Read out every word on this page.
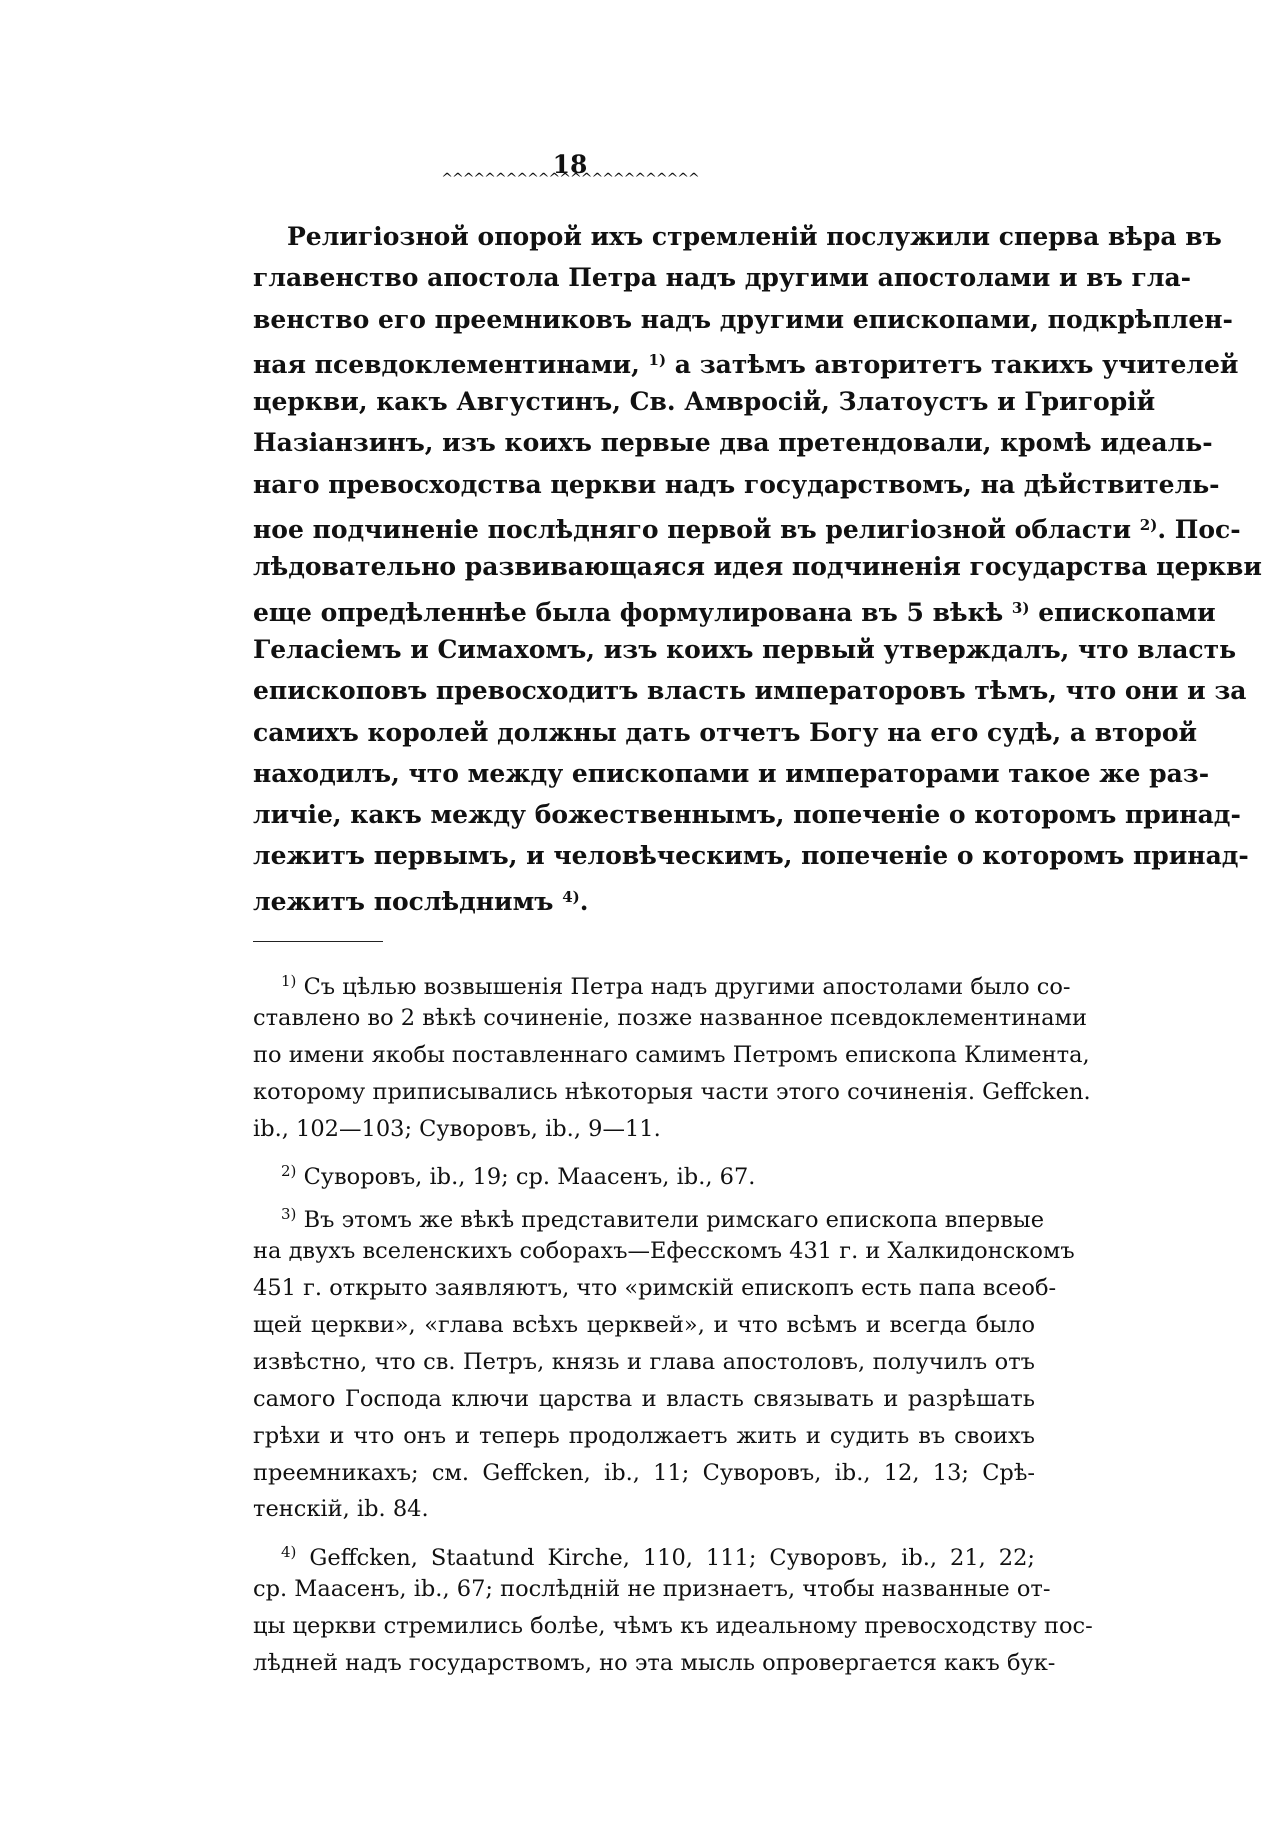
18
^^^^^^^^^^^^^^^^^^^^^^^^
Религiозной опорой ихъ стремленiй послужили сперва вѣра въ
главенство апостола Петра надъ другими апостолами и въ гла-
венство его преемниковъ надъ другими епископами, подкрѣплен-
ная псевдоклементинами, $^{1)}$ а затѣмъ авторитетъ такихъ учителей
церкви, какъ Августинъ, Св. Амвросiй, Златоустъ и Григорiй
Назiанзинъ, изъ коихъ первые два претендовали, кромѣ идеаль-
наго превосходства церкви надъ государствомъ, на дѣйствитель-
ное подчиненiе послѣдняго первой въ религiозной области $^{2)}$. Пос-
лѣдовательно развивающаяся идея подчиненiя государства церкви
еще опредѣленнѣе была формулирована въ 5 вѣкѣ $^{3)}$ епископами
Геласiемъ и Симахомъ, изъ коихъ первый утверждалъ, что власть
епископовъ превосходитъ власть императоровъ тѣмъ, что они и за
самихъ королей должны дать отчетъ Богу на его судѣ, а второй
находилъ, что между епископами и императорами такое же раз-
личiе, какъ между божественнымъ, попеченiе о которомъ принад-
лежитъ первымъ, и человѣческимъ, попеченiе о которомъ принад-
лежитъ послѣднимъ $^{4)}$.
$^{1)}$ Съ цѣлью возвышенiя Петра надъ другими апостолами было со-
ставлено во 2 вѣкѣ сочиненiе, позже названное псевдоклементинами
по имени якобы поставленнаго самимъ Петромъ епископа Климента,
которому приписывались нѣкоторыя части этого сочиненiя. Geffcken.
ib., 102—103; Суворовъ, ib., 9—11.
$^{2)}$ Суворовъ, ib., 19; ср. Маасенъ, ib., 67.
$^{3)}$ Въ этомъ же вѣкѣ представители римскаго епископа впервые
на двухъ вселенскихъ соборахъ—Ефесскомъ 431 г. и Халкидонскомъ
451 г. открыто заявляютъ, что «римскiй епископъ есть папа всеоб-
щей церкви», «глава всѣхъ церквей», и что всѣмъ и всегда было
извѣстно, что св. Петръ, князь и глава апостоловъ, получилъ отъ
самого Господа ключи царства и власть связывать и разрѣшать
грѣхи и что онъ и теперь продолжаетъ жить и судить въ своихъ
преемникахъ; см. Geffcken, ib., 11; Суворовъ, ib., 12, 13; Срѣ-
тенскiй, ib. 84.
$^{4)}$ Geffcken, Staatund Kirche, 110, 111; Суворовъ, ib., 21, 22;
ср. Маасенъ, ib., 67; послѣднiй не признаетъ, чтобы названные от-
цы церкви стремились болѣе, чѣмъ къ идеальному превосходству пос-
лѣдней надъ государствомъ, но эта мысль опровергается какъ бук-
